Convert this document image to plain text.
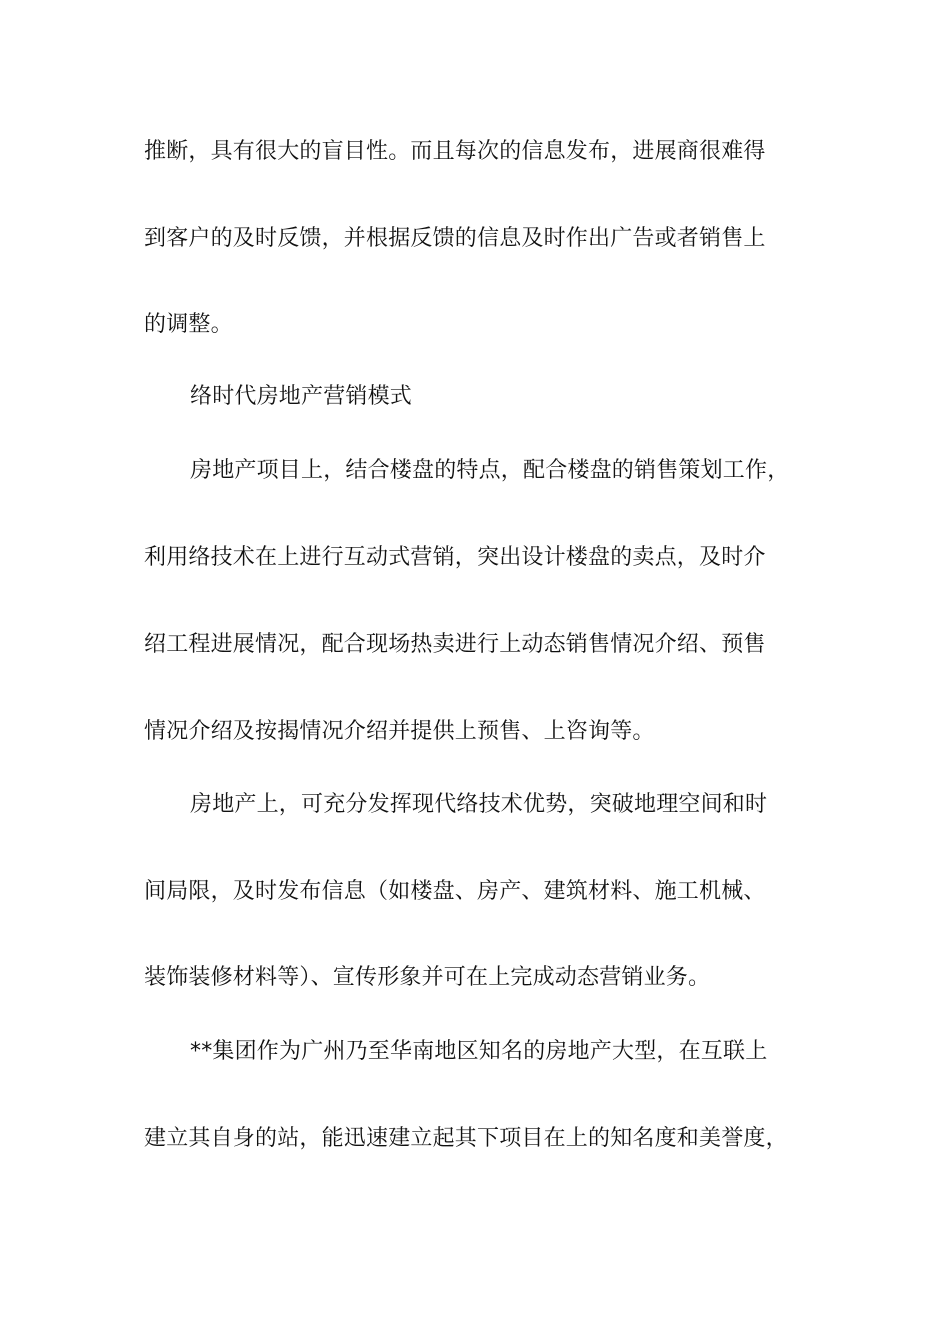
推断，具有很大的盲目性。而且每次的信息发布，进展商很难得
到客户的及时反馈，并根据反馈的信息及时作出广告或者销售上
的调整。
络时代房地产营销模式
房地产项目上，结合楼盘的特点，配合楼盘的销售策划工作，
利用络技术在上进行互动式营销，突出设计楼盘的卖点，及时介
绍工程进展情况，配合现场热卖进行上动态销售情况介绍、预售
情况介绍及按揭情况介绍并提供上预售、上咨询等。
房地产上，可充分发挥现代络技术优势，突破地理空间和时
间局限，及时发布信息（如楼盘、房产、建筑材料、施工机械、
装饰装修材料等）、宣传形象并可在上完成动态营销业务。
**集团作为广州乃至华南地区知名的房地产大型，在互联上
建立其自身的站，能迅速建立起其下项目在上的知名度和美誉度，
